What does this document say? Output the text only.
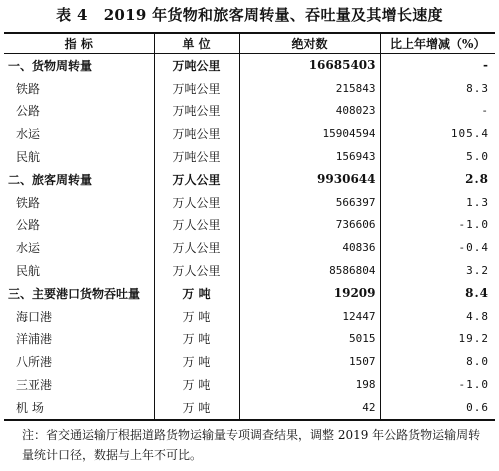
表 4 2019 年货物和旅客周转量、吞吐量及其增长速度
指 标	单 位	绝对数	比上年增减（%）
一、货物周转量	万吨公里	16685403	-
铁路	万吨公里	215843	8.3
公路	万吨公里	408023	-
水运	万吨公里	15904594	105.4
民航	万吨公里	156943	5.0
二、旅客周转量	万人公里	9930644	2.8
铁路	万人公里	566397	1.3
公路	万人公里	736606	-1.0
水运	万人公里	40836	-0.4
民航	万人公里	8586804	3.2
三、主要港口货物吞吐量	万 吨	19209	8.4
海口港	万 吨	12447	4.8
洋浦港	万 吨	5015	19.2
八所港	万 吨	1507	8.0
三亚港	万 吨	198	-1.0
机 场	万 吨	42	0.6
注：省交通运输厅根据道路货物运输量专项调查结果，调整 2019 年公路货物运输周转量统计口径，数据与上年不可比。
